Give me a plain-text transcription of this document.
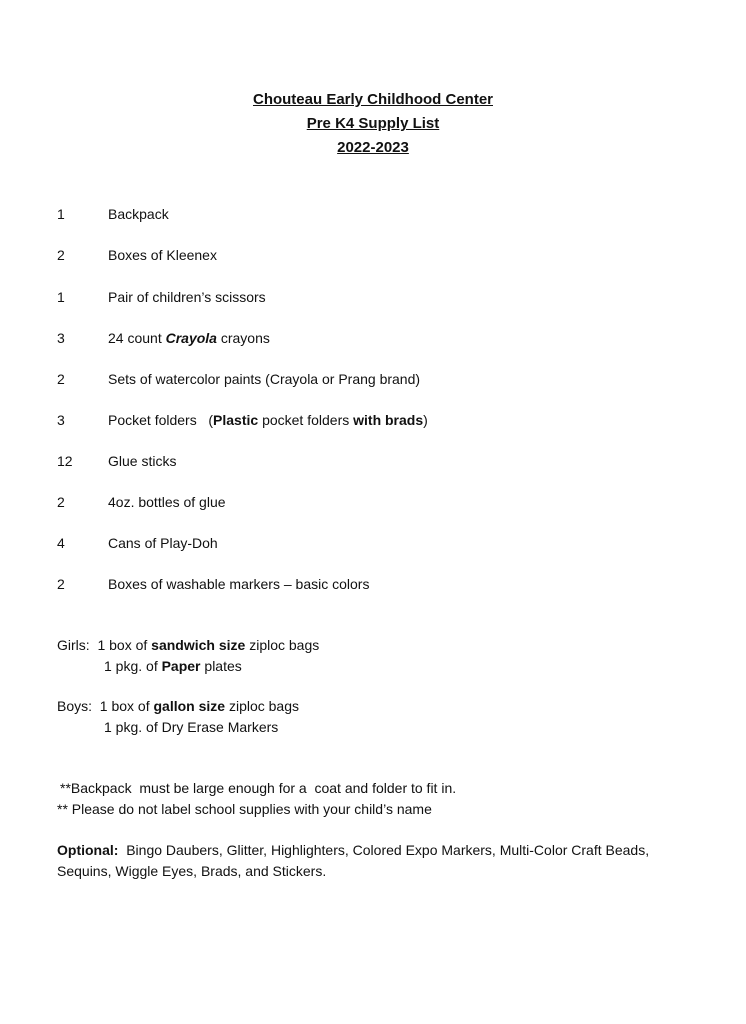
Chouteau Early Childhood Center
Pre K4 Supply List
2022-2023
1	Backpack
2	Boxes of Kleenex
1	Pair of children’s scissors
3	24 count Crayola crayons
2	Sets of watercolor paints (Crayola or Prang brand)
3	Pocket folders   (Plastic pocket folders with brads)
12	Glue sticks
2	4oz. bottles of glue
4	Cans of Play-Doh
2	Boxes of washable markers – basic colors
Girls:  1 box of sandwich size ziploc bags
1 pkg. of Paper plates
Boys:  1 box of gallon size ziploc bags
1 pkg. of Dry Erase Markers
**Backpack  must be large enough for a  coat and folder to fit in.
** Please do not label school supplies with your child’s name
Optional:  Bingo Daubers, Glitter, Highlighters, Colored Expo Markers, Multi-Color Craft Beads,
Sequins, Wiggle Eyes, Brads, and Stickers.
